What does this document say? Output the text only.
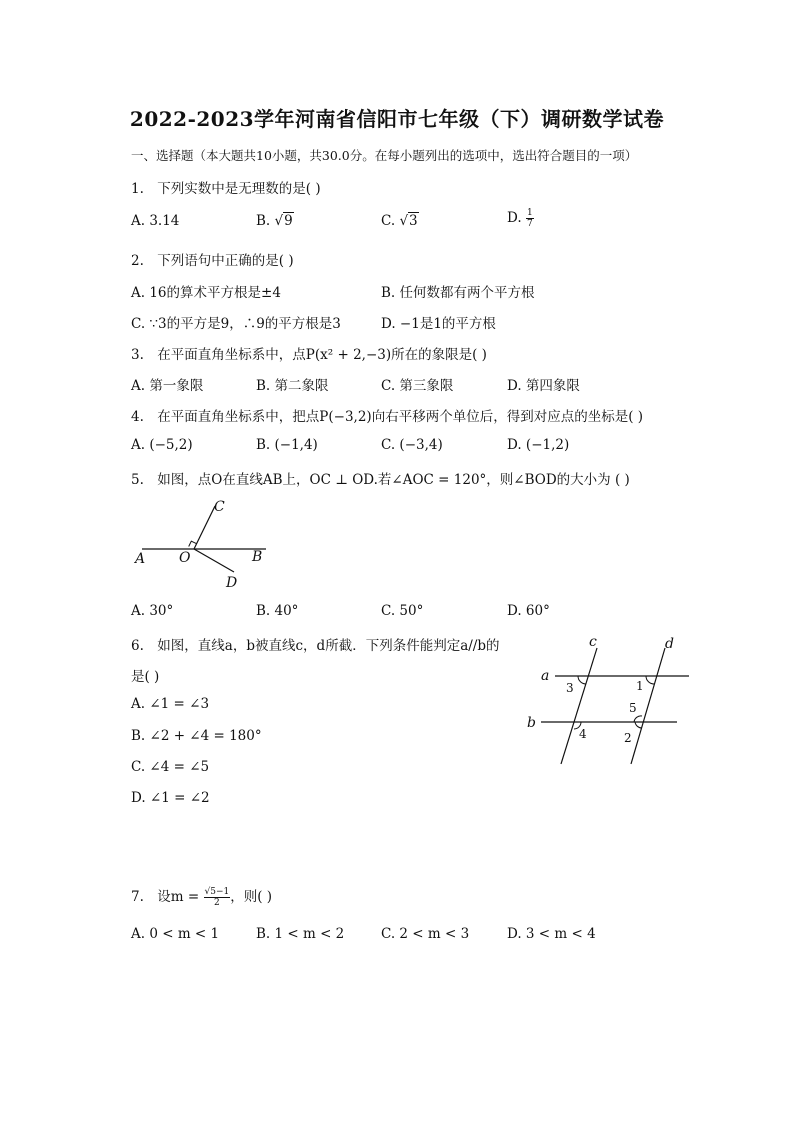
2022-2023学年河南省信阳市七年级（下）调研数学试卷
一、选择题（本大题共10小题，共30.0分。在每小题列出的选项中，选出符合题目的一项）
1. 下列实数中是无理数的是( )
A. 3.14	B. √9	C. √3	D. $\frac{1}{7}$
2. 下列语句中正确的是( )
A. 16的算术平方根是±4	B. 任何数都有两个平方根
C. ∵3的平方是9，∴9的平方根是3	D. −1是1的平方根
3. 在平面直角坐标系中，点P(x² + 2,−3)所在的象限是( )
A. 第一象限	B. 第二象限	C. 第三象限	D. 第四象限
4. 在平面直角坐标系中，把点P(−3,2)向右平移两个单位后，得到对应点的坐标是( )
A. (−5,2)	B. (−1,4)	C. (−3,4)	D. (−1,2)
5. 如图，点O在直线AB上，OC ⊥ OD.若∠AOC = 120°，则∠BOD的大小为 ( )
C
A O	B
D
A. 30°	B. 40°	C. 50°	D. 60°
6. 如图，直线a，b被直线c，d所截．下列条件能判定a//b的
是( )
A. ∠1 = ∠3
B. ∠2 + ∠4 = 180°
C. ∠4 = ∠5
D. ∠1 = ∠2
c	d
a
b
3	1
5
4	2
7. 设$m = \frac{√5-1}{2}$ ，则( )
A. 0 < m < 1	B. 1 < m < 2	C. 2 < m < 3	D. 3 < m < 4
